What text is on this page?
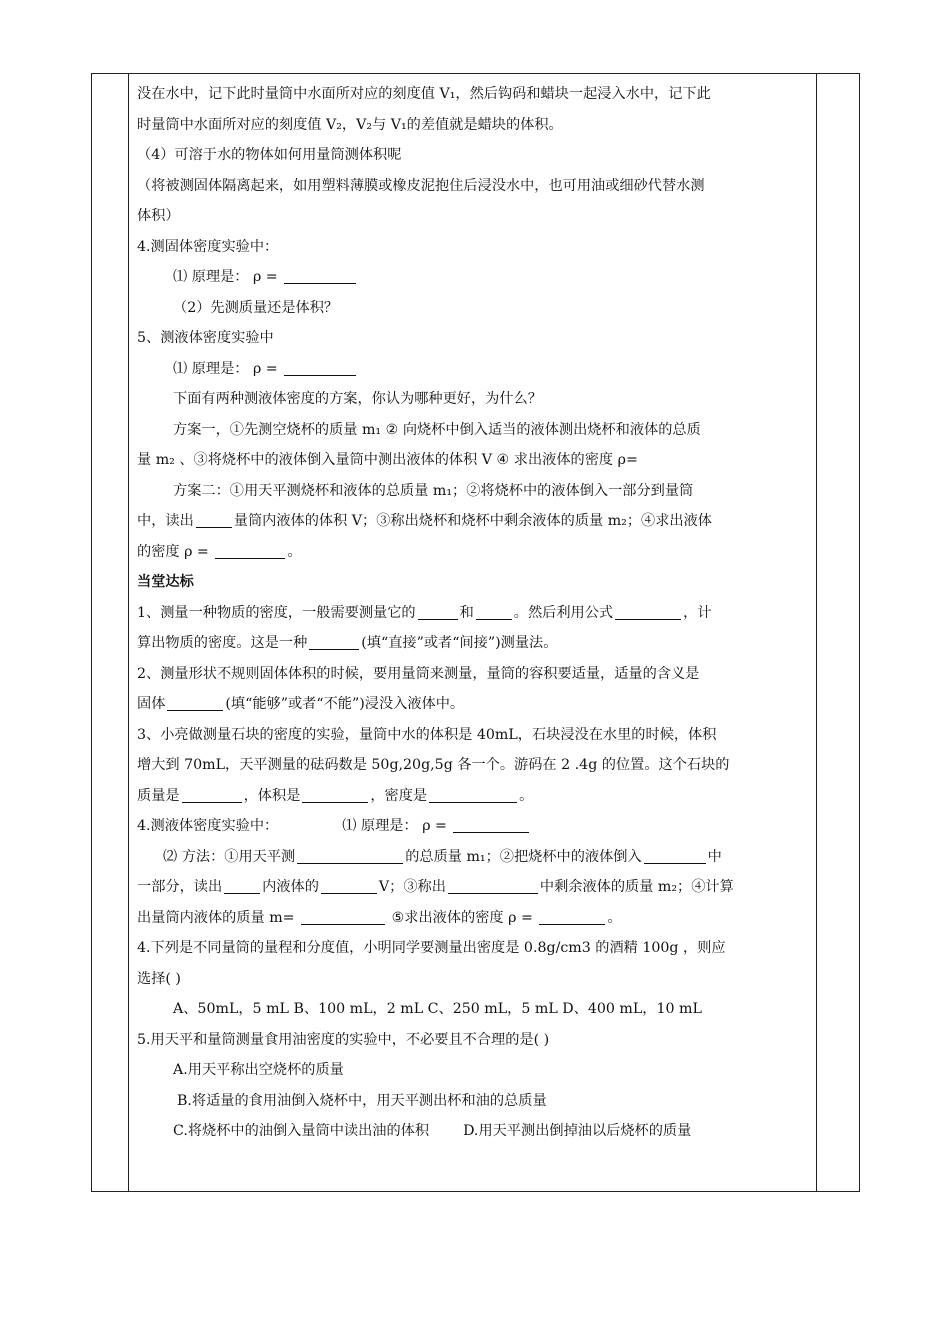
没在水中，记下此时量筒中水面所对应的刻度值 V₁，然后钩码和蜡块一起浸入水中，记下此
时量筒中水面所对应的刻度值 V₂，V₂与 V₁的差值就是蜡块的体积。
（4）可溶于水的物体如何用量筒测体积呢
（将被测固体隔离起来，如用塑料薄膜或橡皮泥抱住后浸没水中，也可用油或细砂代替水测
体积）
4.测固体密度实验中：
⑴ 原理是： ρ =
（2）先测质量还是体积？
5、测液体密度实验中
⑴ 原理是： ρ =
下面有两种测液体密度的方案，你认为哪种更好，为什么？
方案一，①先测空烧杯的质量 m₁ ② 向烧杯中倒入适当的液体测出烧杯和液体的总质
量 m₂ 、③将烧杯中的液体倒入量筒中测出液体的体积 V ④ 求出液体的密度 ρ=
方案二：①用天平测烧杯和液体的总质量 m₁；②将烧杯中的液体倒入一部分到量筒
中，读出	量筒内液体的体积 V；③称出烧杯和烧杯中剩余液体的质量 m₂；④求出液体
的密度 ρ =	。
当堂达标
1、测量一种物质的密度，一般需要测量它的	和	。然后利用公式	，计
算出物质的密度。这是一种	(填“直接”或者“间接”)测量法。
2、测量形状不规则固体体积的时候，要用量筒来测量，量筒的容积要适量，适量的含义是
固体	(填“能够”或者“不能”)浸没入液体中。
3、小亮做测量石块的密度的实验，量筒中水的体积是 40mL，石块浸没在水里的时候，体积
增大到 70mL，天平测量的砝码数是 50g,20g,5g 各一个。游码在 2 .4g 的位置。这个石块的
质量是	，体积是	，密度是	。
4.测液体密度实验中：	⑴ 原理是： ρ =
⑵ 方法：①用天平测	的总质量 m₁；②把烧杯中的液体倒入	中
一部分，读出	内液体的	V；③称出	中剩余液体的质量 m₂；④计算
出量筒内液体的质量 m=	⑤求出液体的密度 ρ =	。
4.下列是不同量筒的量程和分度值，小明同学要测量出密度是 0.8g/cm3 的酒精 100g ，则应
选择( )
A、50mL，5 mL B、100 mL，2 mL C、250 mL，5 mL D、400 mL，10 mL
5.用天平和量筒测量食用油密度的实验中，不必要且不合理的是( )
A.用天平称出空烧杯的质量
B.将适量的食用油倒入烧杯中，用天平测出杯和油的总质量
C.将烧杯中的油倒入量筒中读出油的体积 D.用天平测出倒掉油以后烧杯的质量
